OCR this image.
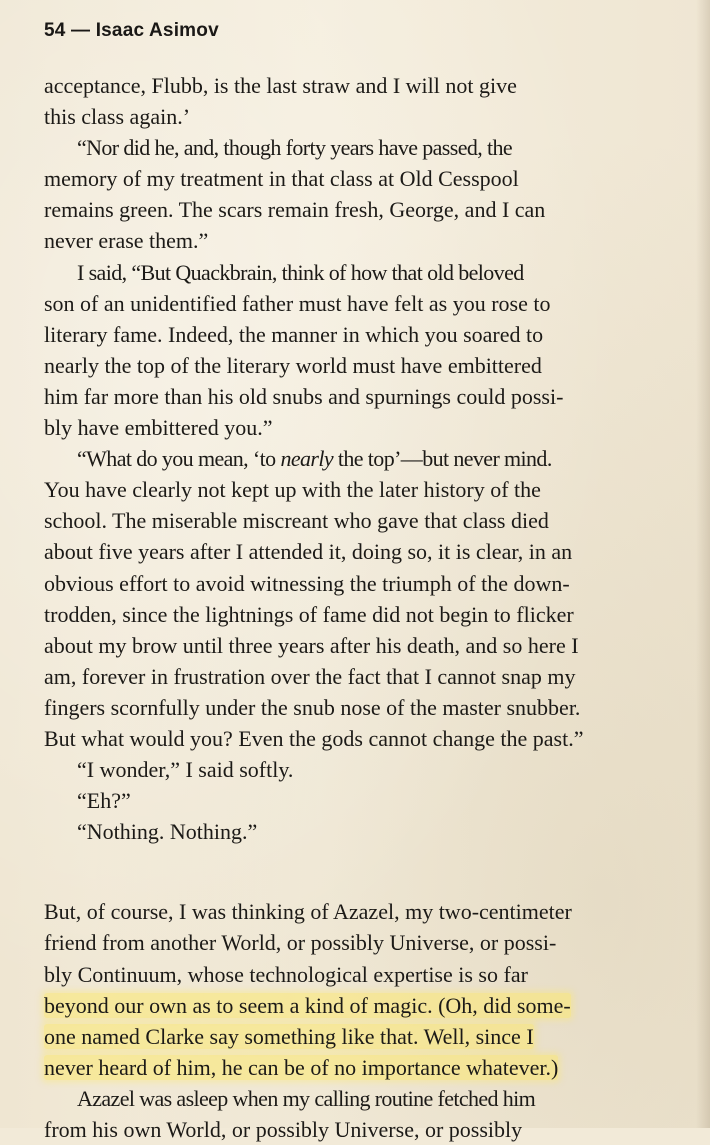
54 — Isaac Asimov
acceptance, Flubb, is the last straw and I will not give
this class again.’
“Nor did he, and, though forty years have passed, the
memory of my treatment in that class at Old Cesspool
remains green. The scars remain fresh, George, and I can
never erase them.”
I said, “But Quackbrain, think of how that old beloved
son of an unidentified father must have felt as you rose to
literary fame. Indeed, the manner in which you soared to
nearly the top of the literary world must have embittered
him far more than his old snubs and spurnings could possi-
bly have embittered you.”
“What do you mean, ‘to nearly the top’—but never mind.
You have clearly not kept up with the later history of the
school. The miserable miscreant who gave that class died
about five years after I attended it, doing so, it is clear, in an
obvious effort to avoid witnessing the triumph of the down-
trodden, since the lightnings of fame did not begin to flicker
about my brow until three years after his death, and so here I
am, forever in frustration over the fact that I cannot snap my
fingers scornfully under the snub nose of the master snubber.
But what would you? Even the gods cannot change the past.”
“I wonder,” I said softly.
“Eh?”
“Nothing. Nothing.”
But, of course, I was thinking of Azazel, my two-centimeter
friend from another World, or possibly Universe, or possi-
bly Continuum, whose technological expertise is so far
beyond our own as to seem a kind of magic. (Oh, did some-
one named Clarke say something like that. Well, since I
never heard of him, he can be of no importance whatever.)
Azazel was asleep when my calling routine fetched him
from his own World, or possibly Universe, or possibly
